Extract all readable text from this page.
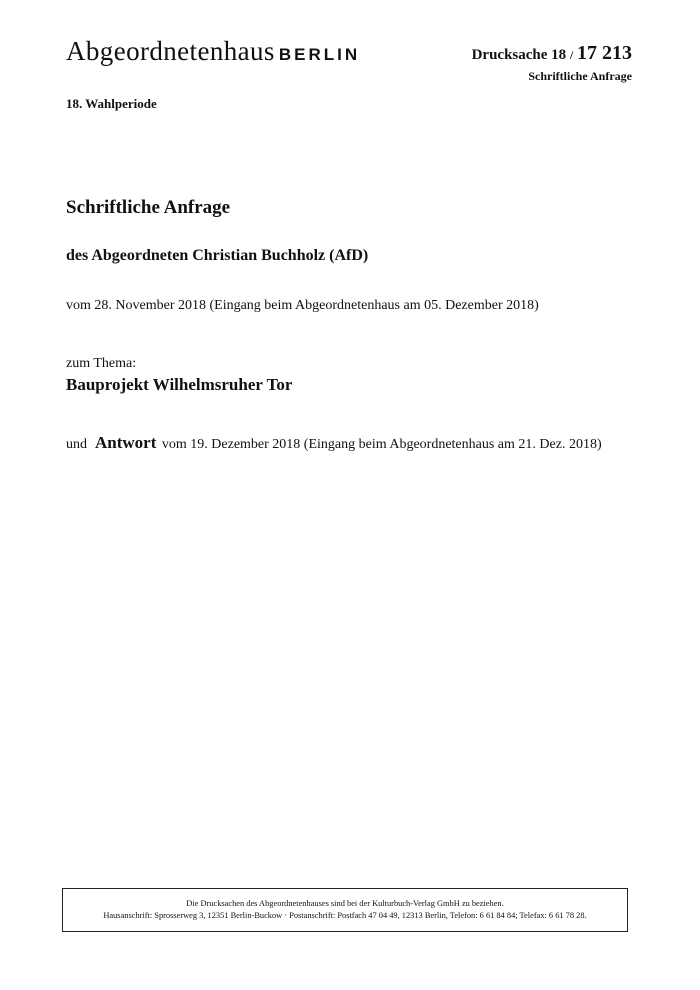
Abgeordnetenhaus BERLIN	Drucksache 18 / 17 213
Schriftliche Anfrage
18. Wahlperiode
Schriftliche Anfrage
des Abgeordneten Christian Buchholz (AfD)
vom 28. November 2018 (Eingang beim Abgeordnetenhaus am 05. Dezember 2018)
zum Thema:
Bauprojekt Wilhelmsruher Tor
und Antwort vom 19. Dezember 2018 (Eingang beim Abgeordnetenhaus am 21. Dez. 2018)
Die Drucksachen des Abgeordnetenhauses sind bei der Kulturbuch-Verlag GmbH zu beziehen.
Hausanschrift: Sprosserweg 3, 12351 Berlin-Buckow · Postanschrift: Postfach 47 04 49, 12313 Berlin, Telefon: 6 61 84 84; Telefax: 6 61 78 28.
